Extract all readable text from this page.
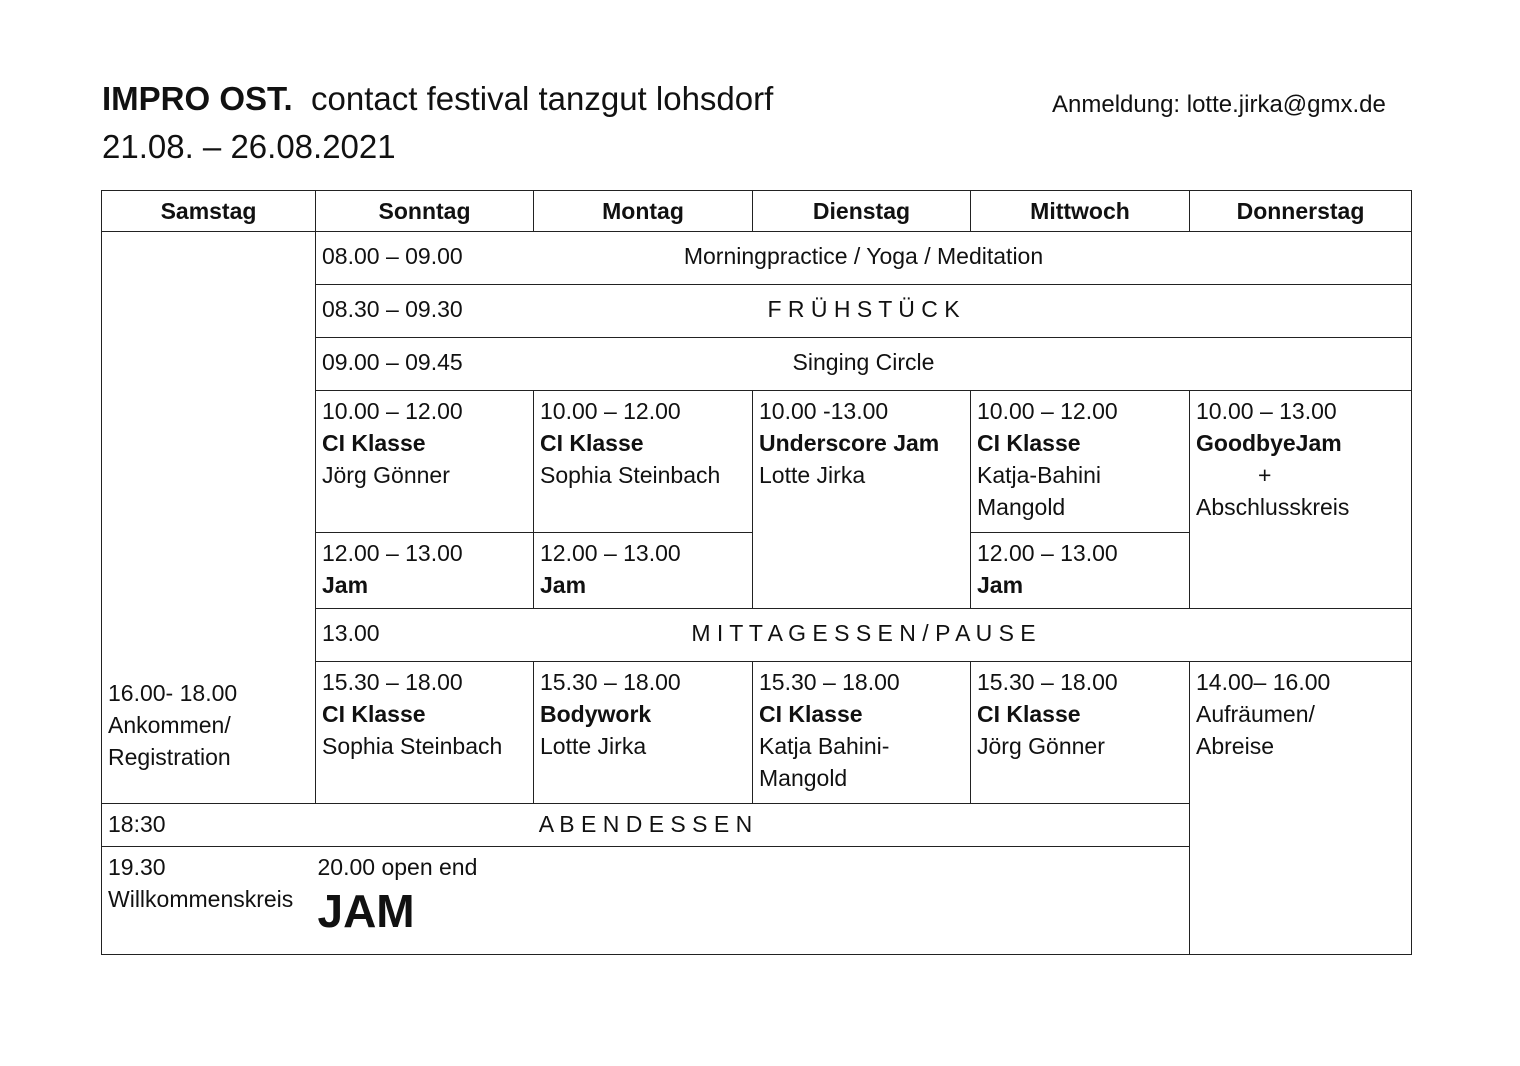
IMPRO OST. contact festival tanzgut lohsdorf
21.08. – 26.08.2021
Anmeldung: lotte.jirka@gmx.de
Samstag	Sonntag	Montag	Dienstag	Mittwoch	Donnerstag

16.00- 18.00
Ankommen/
Registration	08.00 – 09.00 Morningpractice / Yoga / Meditation				

	08.30 – 09.30 F R Ü H S T Ü C K				

	09.00 – 09.45 Singing Circle				

	10.00 – 12.00
CI Klasse
Jörg Gönner	10.00 – 12.00
CI Klasse
Sophia Steinbach	10.00 -13.00
Underscore Jam
Lotte Jirka	10.00 – 12.00
CI Klasse
Katja-Bahini
Mangold	10.00 – 13.00
GoodbyeJam
+
Abschlusskreis

	12.00 – 13.00
Jam	12.00 – 13.00
Jam		12.00 – 13.00
Jam	

	13.00 M I T T A G E S S E N / P A U S E				

	15.30 – 18.00
CI Klasse
Sophia Steinbach	15.30 – 18.00
Bodywork
Lotte Jirka	15.30 – 18.00
CI Klasse
Katja Bahini-
Mangold	15.30 – 18.00
CI Klasse
Jörg Gönner	14.00– 16.00
Aufräumen/
Abreise

18:30 A B E N D E S S E N					

19.30
Willkommenskreis		20.00 open end
JAM			
